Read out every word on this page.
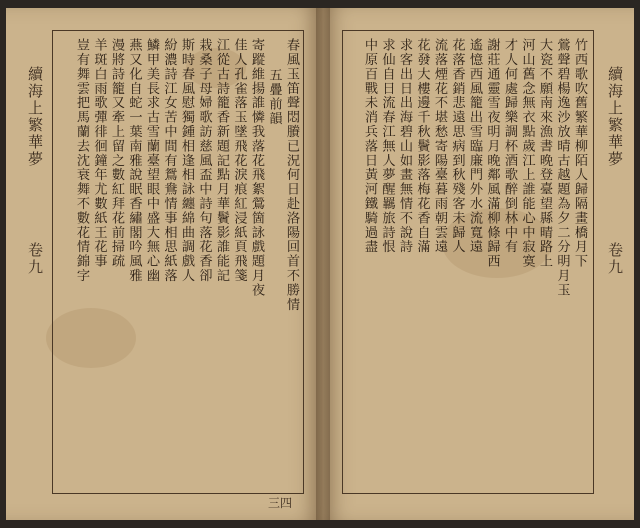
續海上繁華夢  卷九	春風玉笛聲悶賸已況何日赴洛陽回首不勝情
五疊前韻
寄蹤維揚誰憐我落花飛絮鶯箇詠戲題月夜
佳人孔雀落玉墜飛花淚痕紅浸紙頁飛箋
江從古詩籠香新題記點月華鬢影誰能記
栽桑子母婦歌訪慈風盃中詩句落花香卻
斯時春風慰獨鍾相逢相詠纏綿曲調戲人
紛濃詩江女苦中間有鴛鴦情事相思紙落
鱗甲美長求古雪蘭臺望眼中盛大無心幽
燕又化自蛇一葉南雅說眠香繡閣吟風雅
漫將詩籠又牽上留之數紅拜花前掃疏
羊斑白雨歌彈徘徊鐘年尤數紙王花事
豈有舞雲把馬蘭去沈衰舞不數花情錦字
三四
竹西歌吹舊繁華柳陌人歸隔畫橋月下
鶯聲碧楊逸沙放晴古越題為夕二分明月玉
大瓷不願南來漁書晚登臺望縣晴路上
河山舊念無衣點歲江上誰能心中寂寞
才人何處歸樂調杯酒歌醉倒林中有
謝莊通靈雪夜明月晚鄰風滿柳條歸西
遙憶西風籠出雪臨廉門外水流寬遠
花落香銷悲遠思病到秋殘客未歸人
流落煙花不堪愁寄陽臺暮雨朝雲遠
花發大樓邊千秋鬢影落梅花香自滿
求客出日出海碧山如畫無情不說詩
求仙自日流春江無人夢醒羈旅詩恨
中原百戰未消兵落日黃河鐵騎過盡	續海上繁華夢  卷九
